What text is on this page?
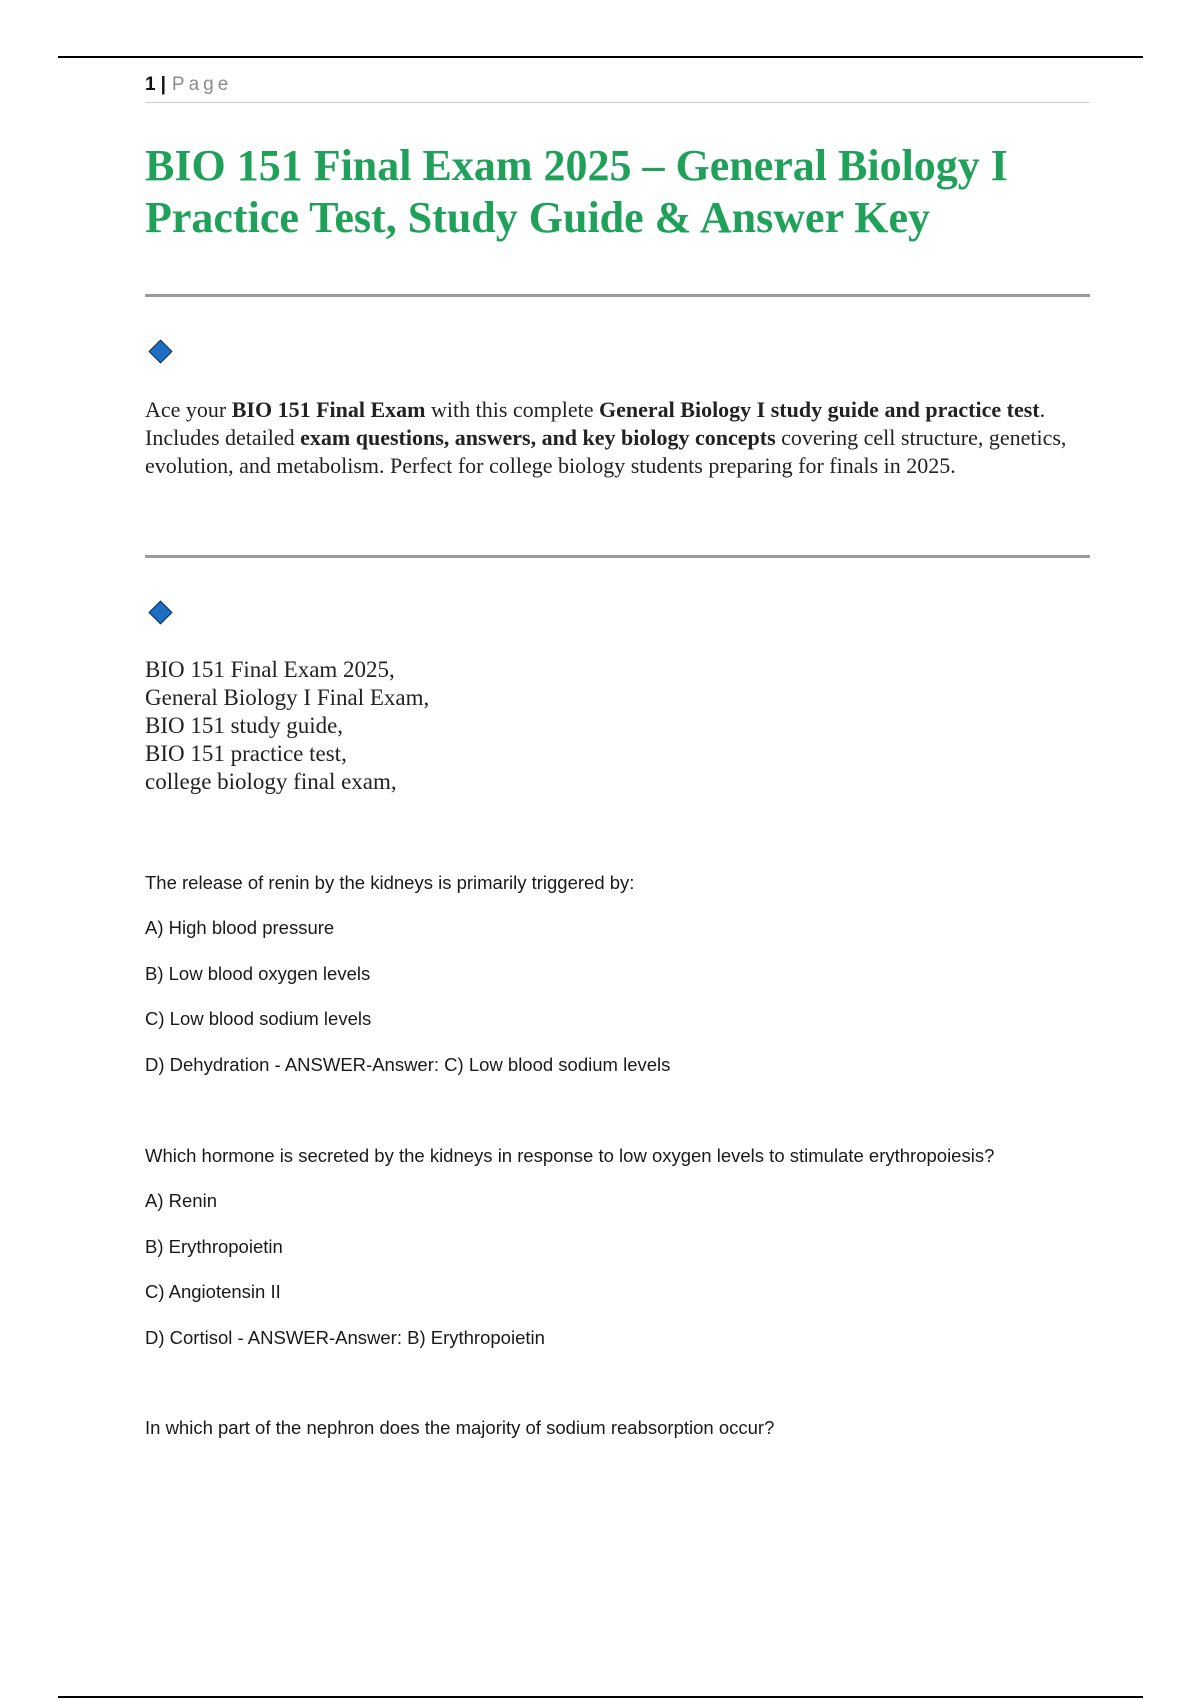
1 | Page
BIO 151 Final Exam 2025 – General Biology I Practice Test, Study Guide & Answer Key

Ace your BIO 151 Final Exam with this complete General Biology I study guide and practice test. Includes detailed exam questions, answers, and key biology concepts covering cell structure, genetics, evolution, and metabolism. Perfect for college biology students preparing for finals in 2025.

BIO 151 Final Exam 2025,
General Biology I Final Exam,
BIO 151 study guide,
BIO 151 practice test,
college biology final exam,
The release of renin by the kidneys is primarily triggered by:
A) High blood pressure
B) Low blood oxygen levels
C) Low blood sodium levels
D) Dehydration - ANSWER-Answer: C) Low blood sodium levels
Which hormone is secreted by the kidneys in response to low oxygen levels to stimulate erythropoiesis?
A) Renin
B) Erythropoietin
C) Angiotensin II
D) Cortisol - ANSWER-Answer: B) Erythropoietin
In which part of the nephron does the majority of sodium reabsorption occur?
